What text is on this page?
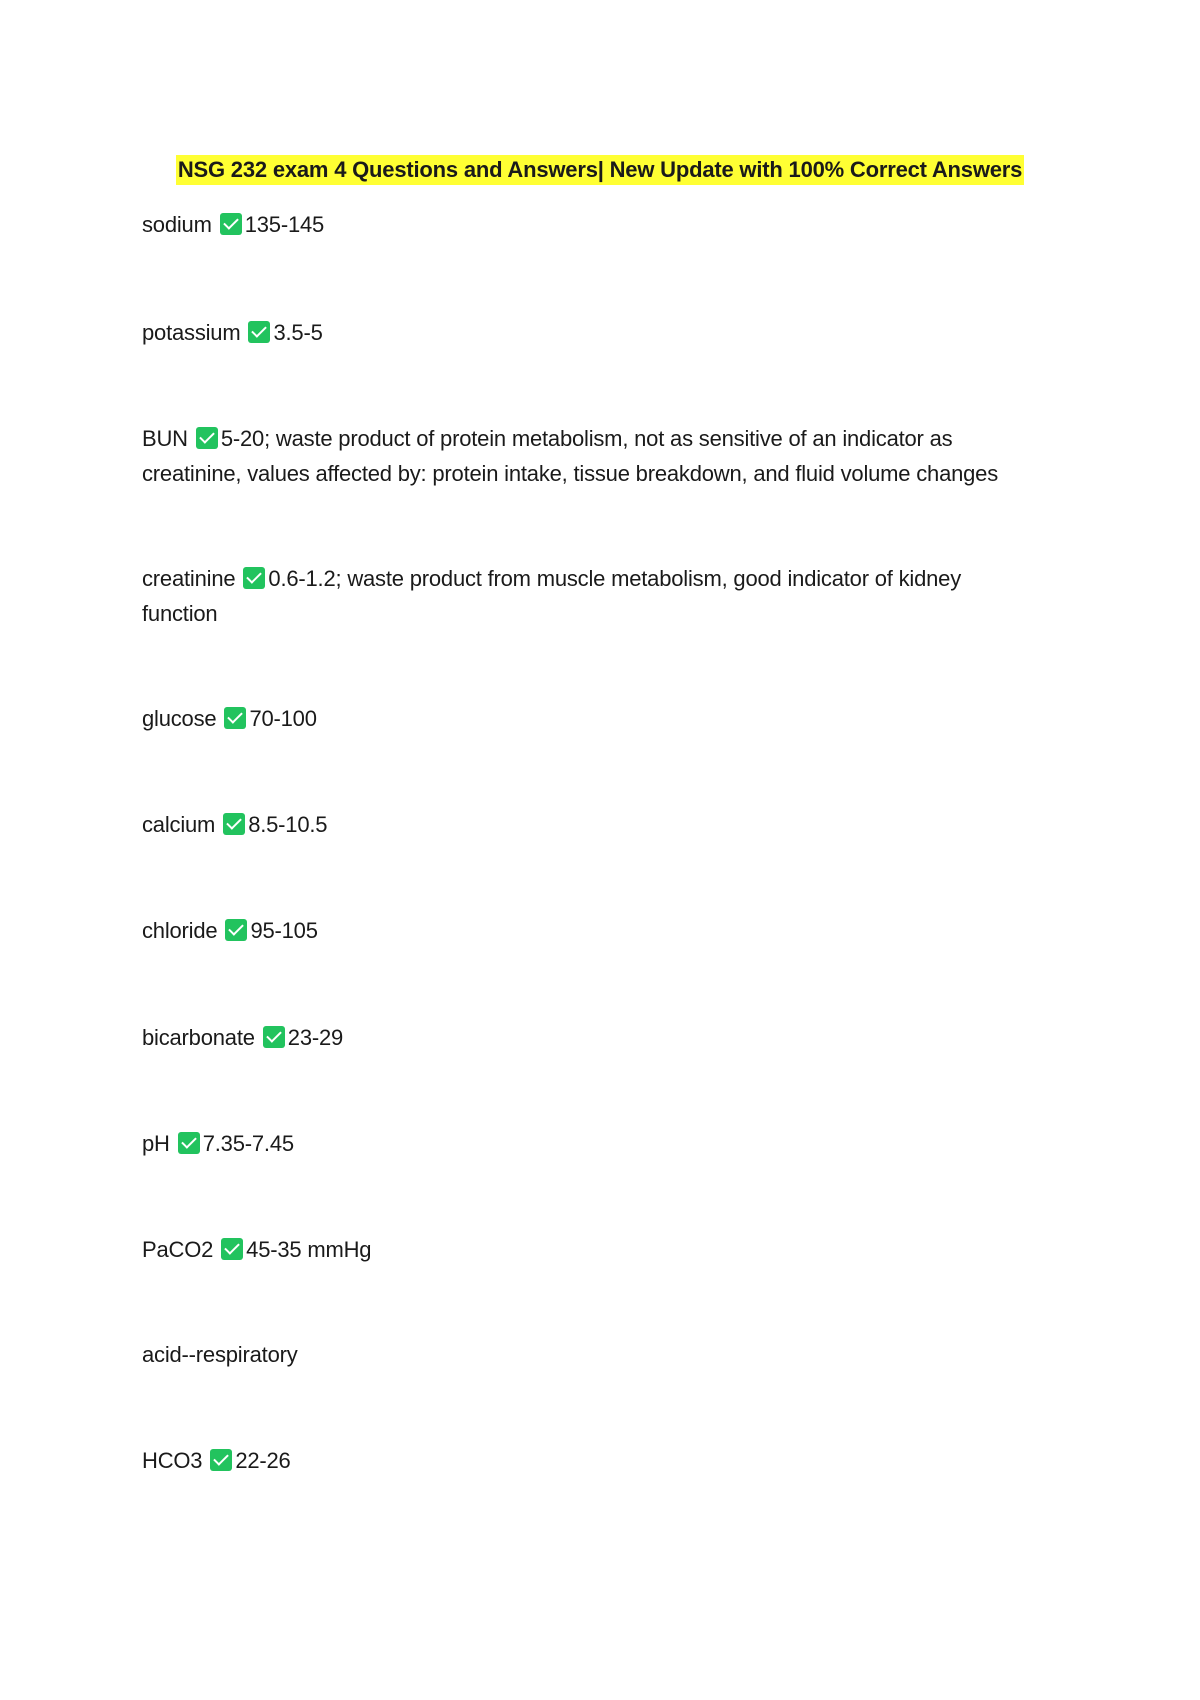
NSG 232 exam 4 Questions and Answers| New Update with 100% Correct Answers
sodium 135-145
potassium 3.5-5
BUN 5-20; waste product of protein metabolism, not as sensitive of an indicator as creatinine, values affected by: protein intake, tissue breakdown, and fluid volume changes
creatinine 0.6-1.2; waste product from muscle metabolism, good indicator of kidney function
glucose 70-100
calcium 8.5-10.5
chloride 95-105
bicarbonate 23-29
pH 7.35-7.45
PaCO2 45-35 mmHg
acid--respiratory
HCO3 22-26
